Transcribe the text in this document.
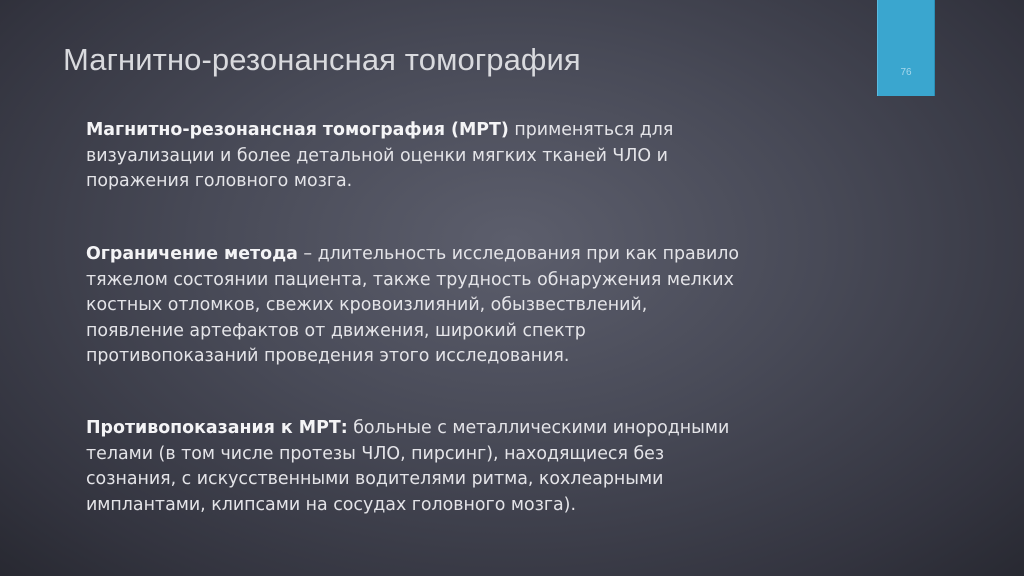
76
Магнитно-резонансная томография

Магнитно-резонансная томография (МРТ) применяться для
визуализации и более детальной оценки мягких тканей ЧЛО и
поражения головного мозга.

Ограничение метода – длительность исследования при как правило
тяжелом состоянии пациента, также трудность обнаружения мелких
костных отломков, свежих кровоизлияний, обызвествлений,
появление артефактов от движения, широкий спектр
противопоказаний проведения этого исследования.

Противопоказания к МРТ: больные с металлическими инородными
телами (в том числе протезы ЧЛО, пирсинг), находящиеся без
сознания, с искусственными водителями ритма, кохлеарными
имплантами, клипсами на сосудах головного мозга).
